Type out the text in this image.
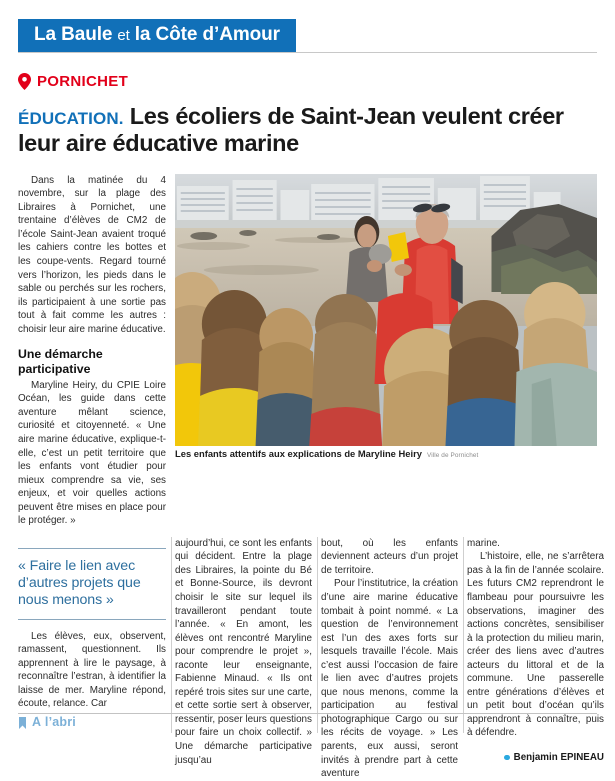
La Baule et la Côte d’Amour
PORNICHET
ÉDUCATION. Les écoliers de Saint-Jean veulent créer leur aire éducative marine

Dans la matinée du 4 novembre, sur la plage des Libraires à Pornichet, une trentaine d’élèves de CM2 de l’école Saint-Jean avaient troqué les cahiers contre les bottes et les coupe-vents. Regard tourné vers l’horizon, les pieds dans le sable ou perchés sur les rochers, ils participaient à une sortie pas tout à fait comme les autres : choisir leur aire marine éducative.

Une démarche participative

Maryline Heiry, du CPIE Loire Océan, les guide dans cette aventure mêlant science, curiosité et citoyenneté. « Une aire marine éducative, explique-t-elle, c’est un petit territoire que les enfants vont étudier pour mieux comprendre sa vie, ses enjeux, et voir quelles actions peuvent être mises en place pour le protéger. »

Les enfants attentifs aux explications de Maryline Heiry Ville de Pornichet
« Faire le lien avec d’autres projets que nous menons »

Les élèves, eux, observent, ramassent, questionnent. Ils apprennent à lire le paysage, à reconnaître l’estran, à identifier la laisse de mer. Maryline répond, écoute, relance. Car

aujourd’hui, ce sont les enfants qui décident. Entre la plage des Libraires, la pointe du Bé et Bonne-Source, ils devront choisir le site sur lequel ils travailleront pendant toute l’année. « En amont, les élèves ont rencontré Maryline pour comprendre le projet », raconte leur enseignante, Fabienne Minaud. « Ils ont repéré trois sites sur une carte, et cette sortie sert à observer, ressentir, poser leurs questions pour faire un choix collectif. » Une démarche participative jusqu’au

bout, où les enfants deviennent acteurs d’un projet de territoire.

Pour l’institutrice, la création d’une aire marine éducative tombait à point nommé. « La question de l’environnement est l’un des axes forts sur lesquels travaille l’école. Mais c’est aussi l’occasion de faire le lien avec d’autres projets que nous menons, comme la participation au festival photographique Cargo ou sur les récits de voyage. » Les parents, eux aussi, seront invités à prendre part à cette aventure

marine.

L’histoire, elle, ne s’arrêtera pas à la fin de l’année scolaire. Les futurs CM2 reprendront le flambeau pour poursuivre les observations, imaginer des actions concrètes, sensibiliser à la protection du milieu marin, créer des liens avec d’autres acteurs du littoral et de la commune. Une passerelle entre générations d’élèves et un petit bout d’océan qu’ils apprendront à connaître, puis à défendre.

Benjamin EPINEAU
À l’abri
